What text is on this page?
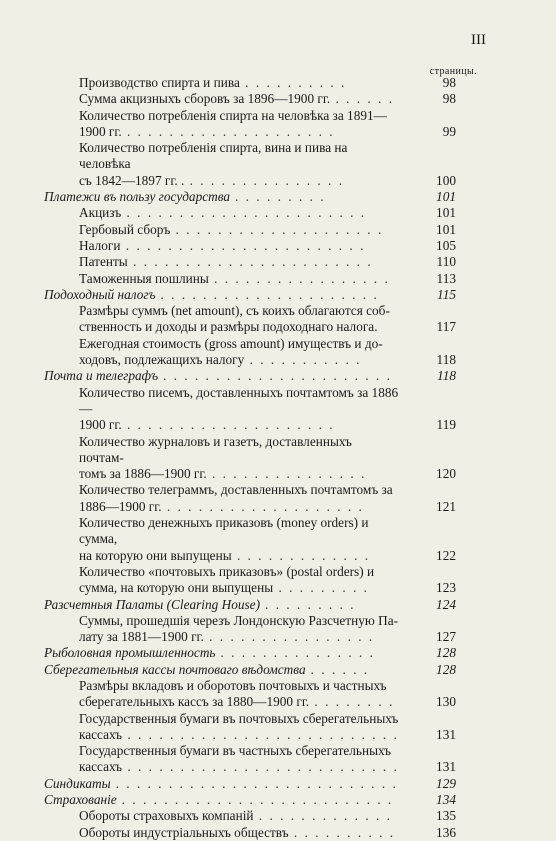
III
страницы.
Производство спирта и пива . . . . . . . . . .	98
Сумма акцизныхъ сборовъ за 1896—1900 гг. . . . . . .	98
Количество потребленія спирта на человѣка за 1891—
1900 гг. . . . . . . . . . . . . . . . . . . . .	99
Количество потребленія спирта, вина и пива на человѣка
съ 1842—1897 гг. . . . . . . . . . . . . . . . .	100
Платежи въ пользу государства . . . . . . . . .	101
Акцизъ . . . . . . . . . . . . . . . . . . . . . . .	101
Гербовый сборъ . . . . . . . . . . . . . . . . . . . .	101
Налоги . . . . . . . . . . . . . . . . . . . . . . .	105
Патенты . . . . . . . . . . . . . . . . . . . . . . .	110
Таможенныя пошлины . . . . . . . . . . . . . . . . .	113
Подоходный налогъ . . . . . . . . . . . . . . . . . . . . .	115
Размѣры суммъ (net amount), съ коихъ облагаются соб-
ственность и доходы и размѣры подоходнаго налога.	117
Ежегодная стоимость (gross amount) имуществъ и до-
ходовъ, подлежащихъ налогу . . . . . . . . . . .	118
Почта и телеграфъ . . . . . . . . . . . . . . . . . . . . . .	118
Количество писемъ, доставленныхъ почтамтомъ за 1886—
1900 гг. . . . . . . . . . . . . . . . . . . . .	119
Количество журналовъ и газетъ, доставленныхъ почтам-
томъ за 1886—1900 гг. . . . . . . . . . . . . . . .	120
Количество телеграммъ, доставленныхъ почтамтомъ за
1886—1900 гг. . . . . . . . . . . . . . . . . . . .	121
Количество денежныхъ приказовъ (money orders) и сумма,
на которую они выпущены . . . . . . . . . . . . .	122
Количество «почтовыхъ приказовъ» (postal orders) и
сумма, на которую они выпущены . . . . . . . . .	123
Разсчетныя Палаты (Clearing House) . . . . . . . . .	124
Суммы, прошедшія черезъ Лондонскую Разсчетную Па-
лату за 1881—1900 гг. . . . . . . . . . . . . . . . .	127
Рыболовная промышленность . . . . . . . . . . . . . . .	128
Сберегательныя кассы почтоваго вѣдомства . . . . . .	128
Размѣры вкладовъ и оборотовъ почтовыхъ и частныхъ
сберегательныхъ кассъ за 1880—1900 гг. . . . . . . . .	130
Государственныя бумаги въ почтовыхъ сберегательныхъ
кассахъ . . . . . . . . . . . . . . . . . . . . . . . . . .	131
Государственныя бумаги въ частныхъ сберегательныхъ
кассахъ . . . . . . . . . . . . . . . . . . . . . . . . . .	131
Синдикаты . . . . . . . . . . . . . . . . . . . . . . . . . . .	129
Страхованіе . . . . . . . . . . . . . . . . . . . . . . . . . .	134
Обороты страховыхъ компаній . . . . . . . . . . . . .	135
Обороты индустріальныхъ обществъ . . . . . . . . . .	136
